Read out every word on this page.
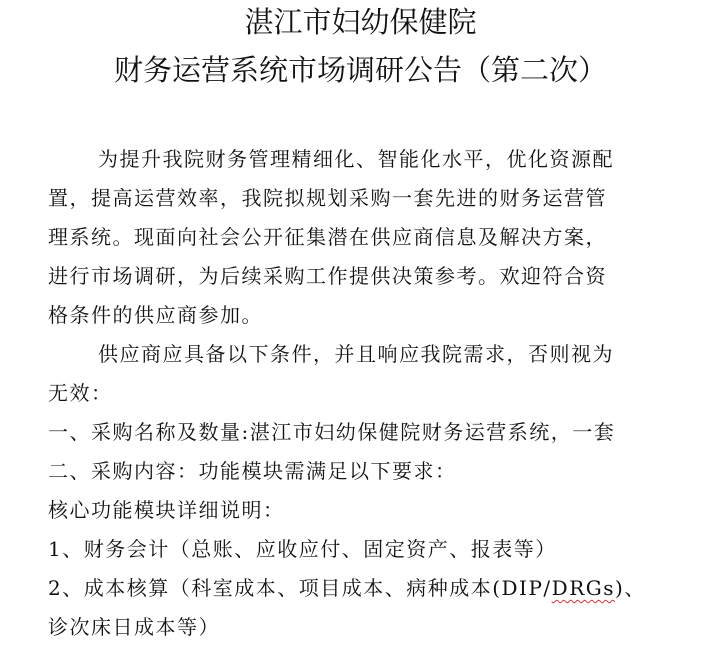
湛江市妇幼保健院
财务运营系统市场调研公告（第二次）

为提升我院财务管理精细化、智能化水平，优化资源配

置，提高运营效率，我院拟规划采购一套先进的财务运营管

理系统。现面向社会公开征集潜在供应商信息及解决方案，

进行市场调研，为后续采购工作提供决策参考。欢迎符合资

格条件的供应商参加。

供应商应具备以下条件，并且响应我院需求，否则视为

无效：

一、采购名称及数量:湛江市妇幼保健院财务运营系统，一套

二、采购内容：功能模块需满足以下要求：

核心功能模块详细说明：

1、财务会计（总账、应收应付、固定资产、报表等）

2、成本核算（科室成本、项目成本、病种成本(DIP/DRGs)、

诊次床日成本等）
